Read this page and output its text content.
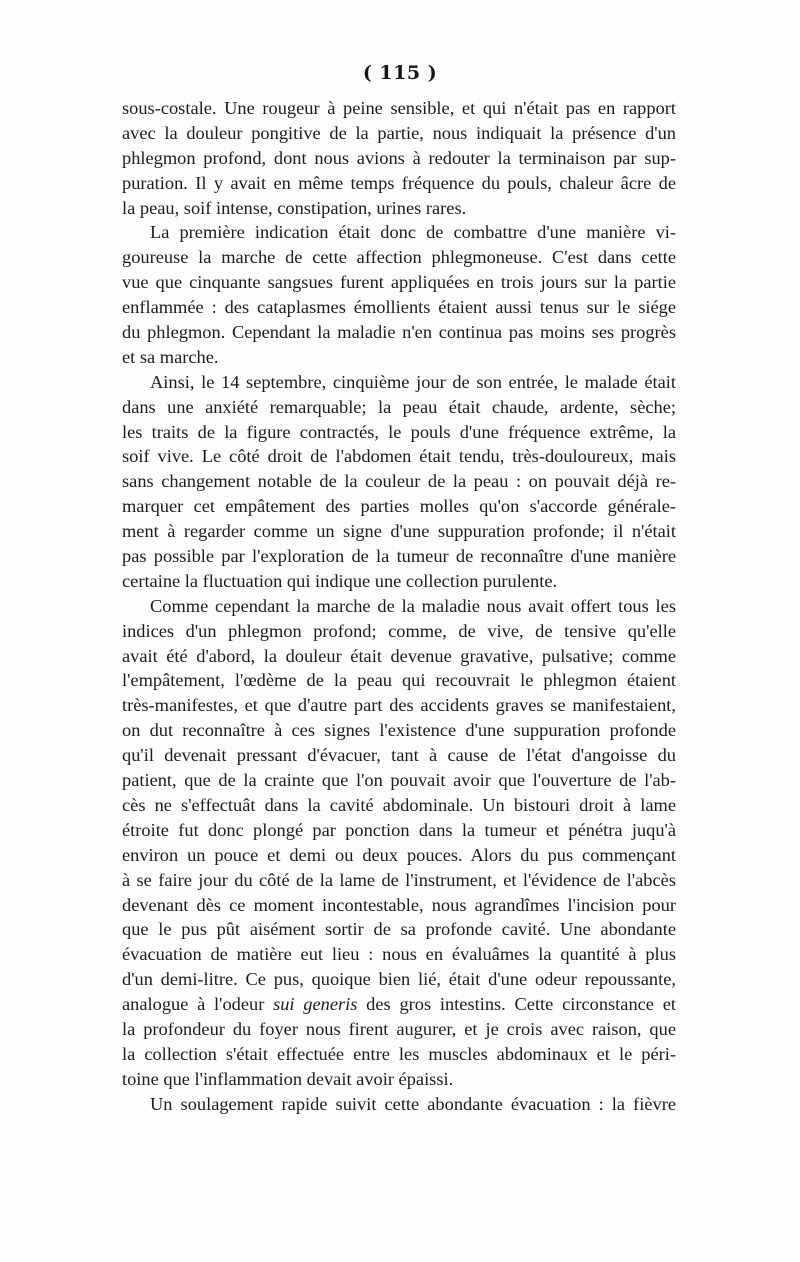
( 115 )
sous-costale. Une rougeur à peine sensible, et qui n'était pas en rapport
avec la douleur pongitive de la partie, nous indiquait la présence d'un
phlegmon profond, dont nous avions à redouter la terminaison par sup-
puration. Il y avait en même temps fréquence du pouls, chaleur âcre de
la peau, soif intense, constipation, urines rares.
La première indication était donc de combattre d'une manière vi-
goureuse la marche de cette affection phlegmoneuse. C'est dans cette
vue que cinquante sangsues furent appliquées en trois jours sur la partie
enflammée : des cataplasmes émollients étaient aussi tenus sur le siége
du phlegmon. Cependant la maladie n'en continua pas moins ses progrès
et sa marche.
Ainsi, le 14 septembre, cinquième jour de son entrée, le malade était
dans une anxiété remarquable; la peau était chaude, ardente, sèche;
les traits de la figure contractés, le pouls d'une fréquence extrême, la
soif vive. Le côté droit de l'abdomen était tendu, très-douloureux, mais
sans changement notable de la couleur de la peau : on pouvait déjà re-
marquer cet empâtement des parties molles qu'on s'accorde générale-
ment à regarder comme un signe d'une suppuration profonde; il n'était
pas possible par l'exploration de la tumeur de reconnaître d'une manière
certaine la fluctuation qui indique une collection purulente.
Comme cependant la marche de la maladie nous avait offert tous les
indices d'un phlegmon profond; comme, de vive, de tensive qu'elle
avait été d'abord, la douleur était devenue gravative, pulsative; comme
l'empâtement, l'œdème de la peau qui recouvrait le phlegmon étaient
très-manifestes, et que d'autre part des accidents graves se manifestaient,
on dut reconnaître à ces signes l'existence d'une suppuration profonde
qu'il devenait pressant d'évacuer, tant à cause de l'état d'angoisse du
patient, que de la crainte que l'on pouvait avoir que l'ouverture de l'ab-
cès ne s'effectuât dans la cavité abdominale. Un bistouri droit à lame
étroite fut donc plongé par ponction dans la tumeur et pénétra juqu'à
environ un pouce et demi ou deux pouces. Alors du pus commençant
à se faire jour du côté de la lame de l'instrument, et l'évidence de l'abcès
devenant dès ce moment incontestable, nous agrandîmes l'incision pour
que le pus pût aisément sortir de sa profonde cavité. Une abondante
évacuation de matière eut lieu : nous en évaluâmes la quantité à plus
d'un demi-litre. Ce pus, quoique bien lié, était d'une odeur repoussante,
analogue à l'odeur sui generis des gros intestins. Cette circonstance et
la profondeur du foyer nous firent augurer, et je crois avec raison, que
la collection s'était effectuée entre les muscles abdominaux et le péri-
toine que l'inflammation devait avoir épaissi.
Un soulagement rapide suivit cette abondante évacuation : la fièvre
